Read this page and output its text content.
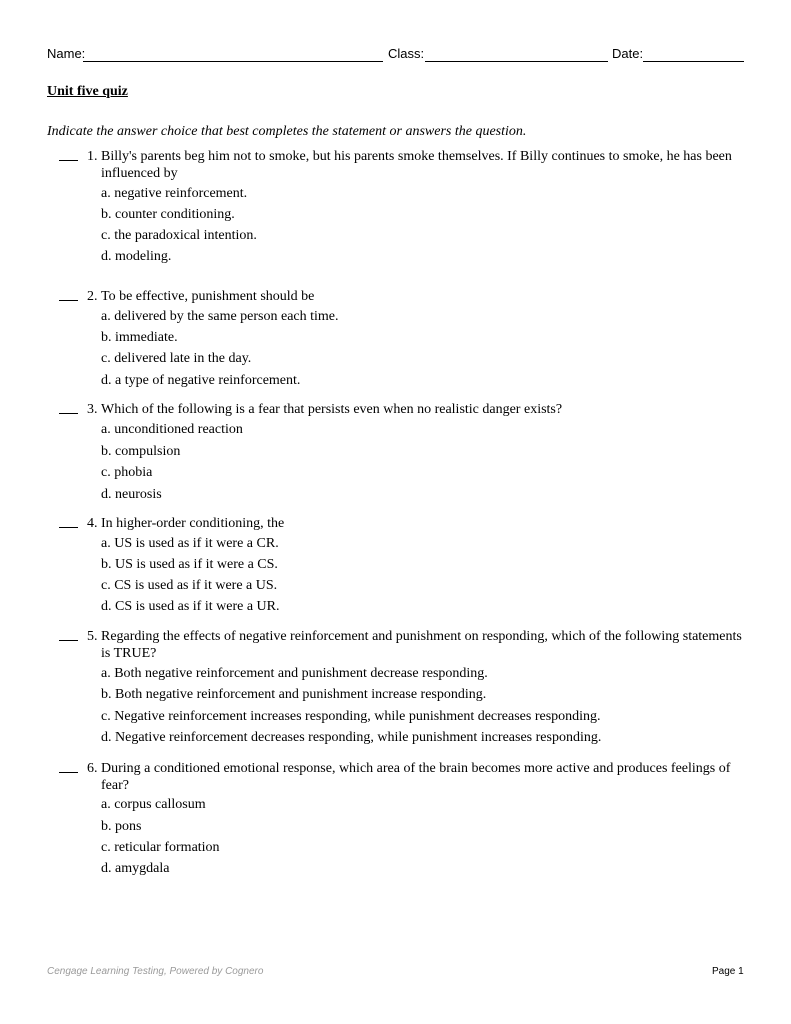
Name:	Class:	Date:
Unit five quiz
Indicate the answer choice that best completes the statement or answers the question.
1. Billy's parents beg him not to smoke, but his parents smoke themselves. If Billy continues to smoke, he has been influenced by
a. negative reinforcement.
b. counter conditioning.
c. the paradoxical intention.
d. modeling.
2. To be effective, punishment should be
a. delivered by the same person each time.
b. immediate.
c. delivered late in the day.
d. a type of negative reinforcement.
3. Which of the following is a fear that persists even when no realistic danger exists?
a. unconditioned reaction
b. compulsion
c. phobia
d. neurosis
4. In higher-order conditioning, the
a. US is used as if it were a CR.
b. US is used as if it were a CS.
c. CS is used as if it were a US.
d. CS is used as if it were a UR.
5. Regarding the effects of negative reinforcement and punishment on responding, which of the following statements is TRUE?
a. Both negative reinforcement and punishment decrease responding.
b. Both negative reinforcement and punishment increase responding.
c. Negative reinforcement increases responding, while punishment decreases responding.
d. Negative reinforcement decreases responding, while punishment increases responding.
6. During a conditioned emotional response, which area of the brain becomes more active and produces feelings of fear?
a. corpus callosum
b. pons
c. reticular formation
d. amygdala
Cengage Learning Testing, Powered by Cognero	Page 1
